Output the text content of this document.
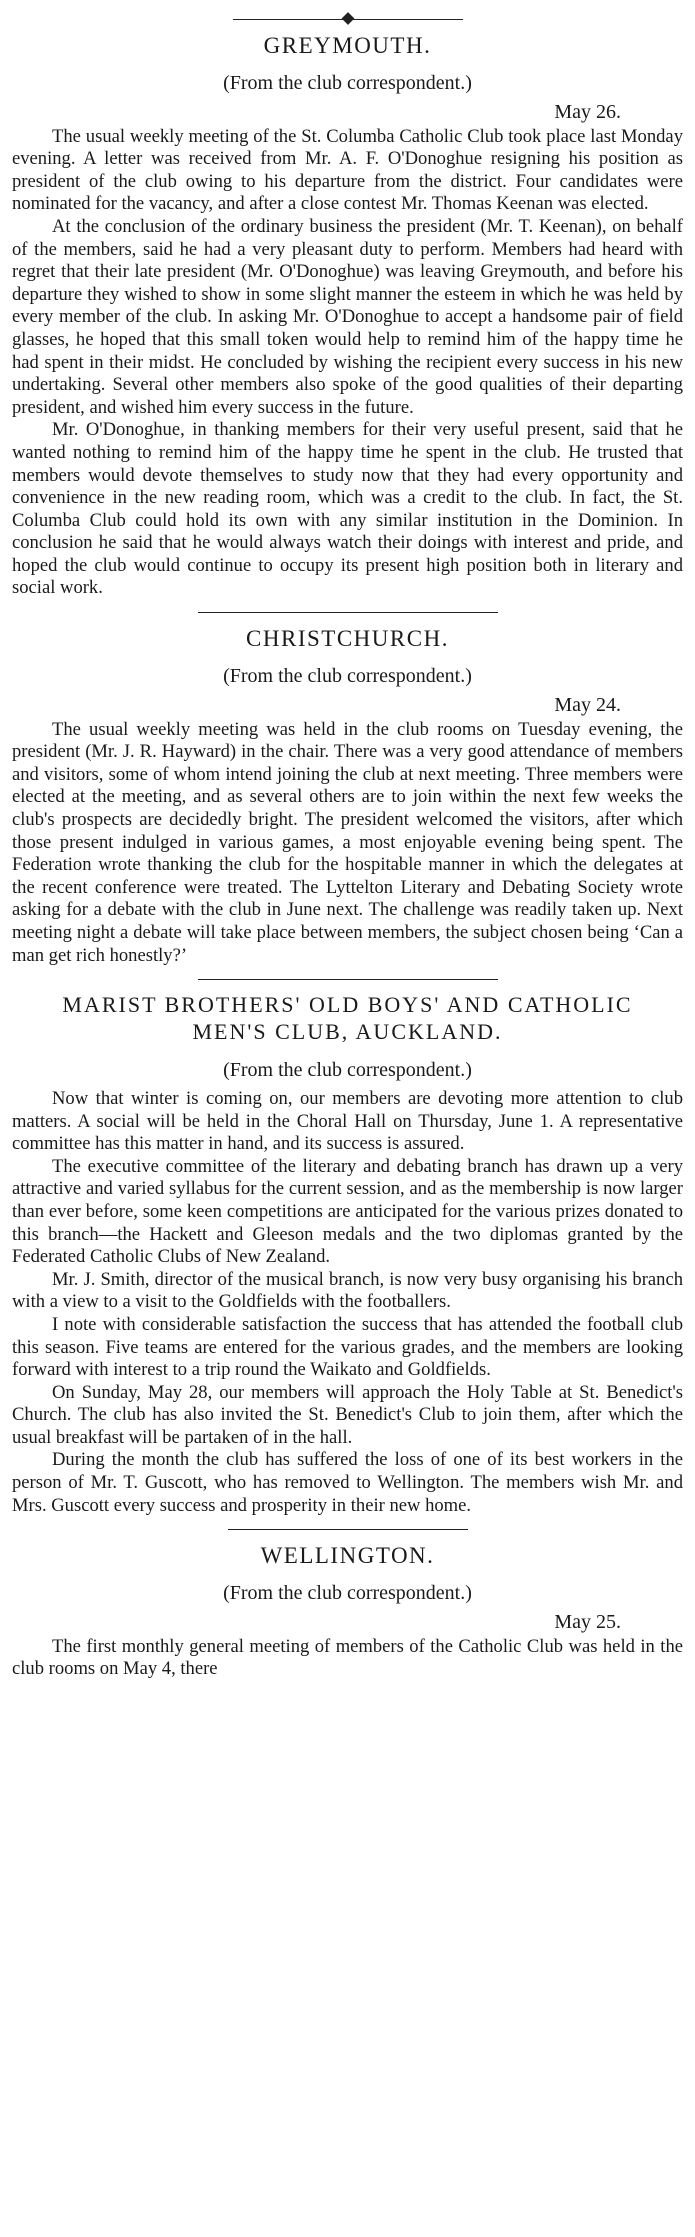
GREYMOUTH.
(From the club correspondent.)
May 26.

The usual weekly meeting of the St. Columba Catholic Club took place last Monday evening. A letter was received from Mr. A. F. O'Donoghue resigning his position as president of the club owing to his departure from the district. Four candidates were nominated for the vacancy, and after a close contest Mr. Thomas Keenan was elected.

At the conclusion of the ordinary business the president (Mr. T. Keenan), on behalf of the members, said he had a very pleasant duty to perform. Members had heard with regret that their late president (Mr. O'Donoghue) was leaving Greymouth, and before his departure they wished to show in some slight manner the esteem in which he was held by every member of the club. In asking Mr. O'Donoghue to accept a handsome pair of field glasses, he hoped that this small token would help to remind him of the happy time he had spent in their midst. He concluded by wishing the recipient every success in his new undertaking. Several other members also spoke of the good qualities of their departing president, and wished him every success in the future.

Mr. O'Donoghue, in thanking members for their very useful present, said that he wanted nothing to remind him of the happy time he spent in the club. He trusted that members would devote themselves to study now that they had every opportunity and convenience in the new reading room, which was a credit to the club. In fact, the St. Columba Club could hold its own with any similar institution in the Dominion. In conclusion he said that he would always watch their doings with interest and pride, and hoped the club would continue to occupy its present high position both in literary and social work.

CHRISTCHURCH.
(From the club correspondent.)
May 24.

The usual weekly meeting was held in the club rooms on Tuesday evening, the president (Mr. J. R. Hayward) in the chair. There was a very good attendance of members and visitors, some of whom intend joining the club at next meeting. Three members were elected at the meeting, and as several others are to join within the next few weeks the club's prospects are decidedly bright. The president welcomed the visitors, after which those present indulged in various games, a most enjoyable evening being spent. The Federation wrote thanking the club for the hospitable manner in which the delegates at the recent conference were treated. The Lyttelton Literary and Debating Society wrote asking for a debate with the club in June next. The challenge was readily taken up. Next meeting night a debate will take place between members, the subject chosen being ‘Can a man get rich honestly?’

MARIST BROTHERS' OLD BOYS' AND CATHOLIC
MEN'S CLUB, AUCKLAND.
(From the club correspondent.)

Now that winter is coming on, our members are devoting more attention to club matters. A social will be held in the Choral Hall on Thursday, June 1. A representative committee has this matter in hand, and its success is assured.

The executive committee of the literary and debating branch has drawn up a very attractive and varied syllabus for the current session, and as the membership is now larger than ever before, some keen competitions are anticipated for the various prizes donated to this branch—the Hackett and Gleeson medals and the two diplomas granted by the Federated Catholic Clubs of New Zealand.

Mr. J. Smith, director of the musical branch, is now very busy organising his branch with a view to a visit to the Goldfields with the footballers.

I note with considerable satisfaction the success that has attended the football club this season. Five teams are entered for the various grades, and the members are looking forward with interest to a trip round the Waikato and Goldfields.

On Sunday, May 28, our members will approach the Holy Table at St. Benedict's Church. The club has also invited the St. Benedict's Club to join them, after which the usual breakfast will be partaken of in the hall.

During the month the club has suffered the loss of one of its best workers in the person of Mr. T. Guscott, who has removed to Wellington. The members wish Mr. and Mrs. Guscott every success and prosperity in their new home.

WELLINGTON.
(From the club correspondent.)
May 25.

The first monthly general meeting of members of the Catholic Club was held in the club rooms on May 4, there
